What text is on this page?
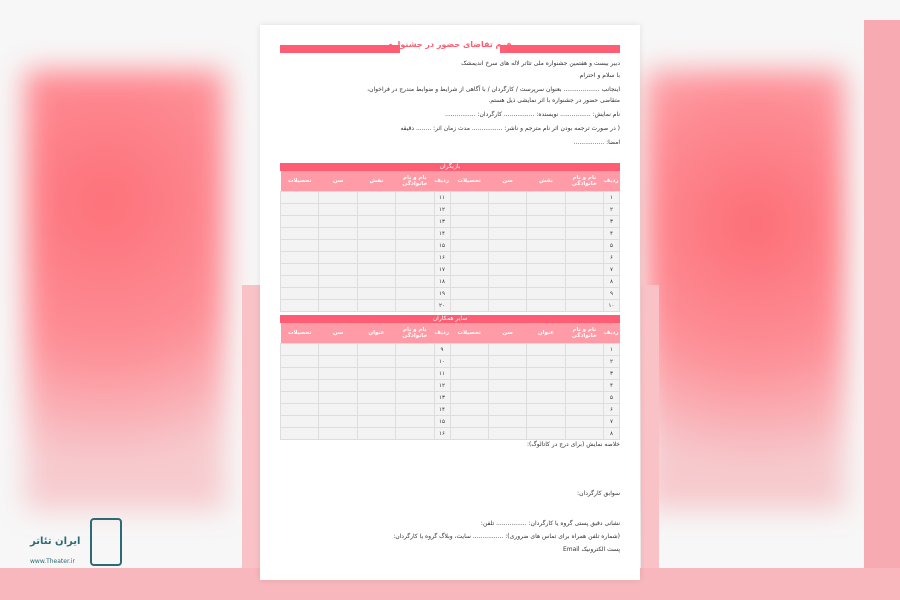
فرم تقاضای حضور در جشنواره
دبیر بیست و هفتمین جشنواره ملی تئاتر لاله های سرخ اندیمشک
با سلام و احترام
اینجانب ................... بعنوان سرپرست / کارگردان / با آگاهی از شرایط و ضوابط مندرج در فراخوان،
متقاضی حضور در جشنواره با اثر نمایشی ذیل هستم.
نام نمایش: ................ نویسنده: ................ کارگردان: ................
( در صورت ترجمه بودن اثر نام مترجم و ناشر: ................ مدت زمان اثر: ........ دقیقه
امضا: ................
بازیگران
ردیف	نام و نام خانوادگی	نقش	سن	تحصیلات	ردیف	نام و نام خانوادگی	نقش	سن	تحصیلات
۱					۱۱				
۲					۱۲				
۳					۱۳				
۴					۱۴				
۵					۱۵				
۶					۱۶				
۷					۱۷				
۸					۱۸				
۹					۱۹				
۱۰					۲۰				
سایر همکاران
ردیف	نام و نام خانوادگی	عنوان	سن	تحصیلات	ردیف	نام و نام خانوادگی	عنوان	سن	تحصیلات
۱					۹				
۲					۱۰				
۳					۱۱				
۴					۱۲				
۵					۱۳				
۶					۱۴				
۷					۱۵				
۸					۱۶				
خلاصه نمایش (برای درج در کاتالوگ):
سوابق کارگردان:
نشانی دقیق پستی گروه یا کارگردان: ................ تلفن:
(شماره تلفن همراه برای تماس های ضروری): ................ سایت، وبلاگ گروه یا کارگردان:
پست الکترونیک Email
ایران تئاتر
www.Theater.ir
